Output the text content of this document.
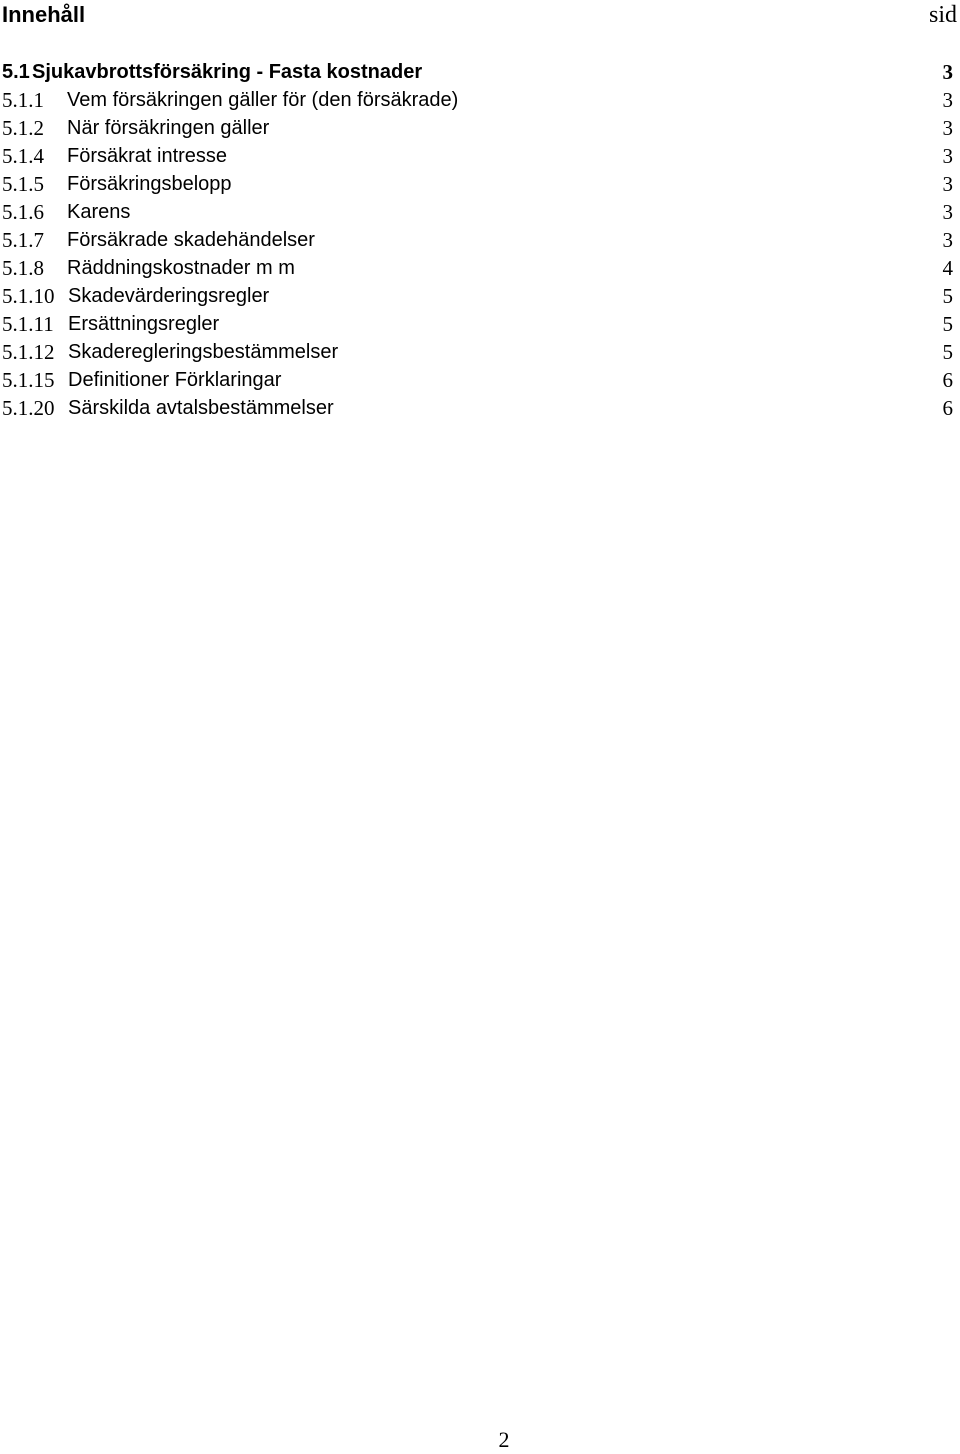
Innehåll	sid
5.1 Sjukavbrottsförsäkring - Fasta kostnader	3
5.1.1 Vem försäkringen gäller för (den försäkrade)	3
5.1.2 När försäkringen gäller	3
5.1.4 Försäkrat intresse	3
5.1.5 Försäkringsbelopp	3
5.1.6 Karens	3
5.1.7 Försäkrade skadehändelser	3
5.1.8 Räddningskostnader m m	4
5.1.10 Skadevärderingsregler	5
5.1.11 Ersättningsregler	5
5.1.12 Skaderegleringsbestämmelser	5
5.1.15 Definitioner Förklaringar	6
5.1.20 Särskilda avtalsbestämmelser	6
2
